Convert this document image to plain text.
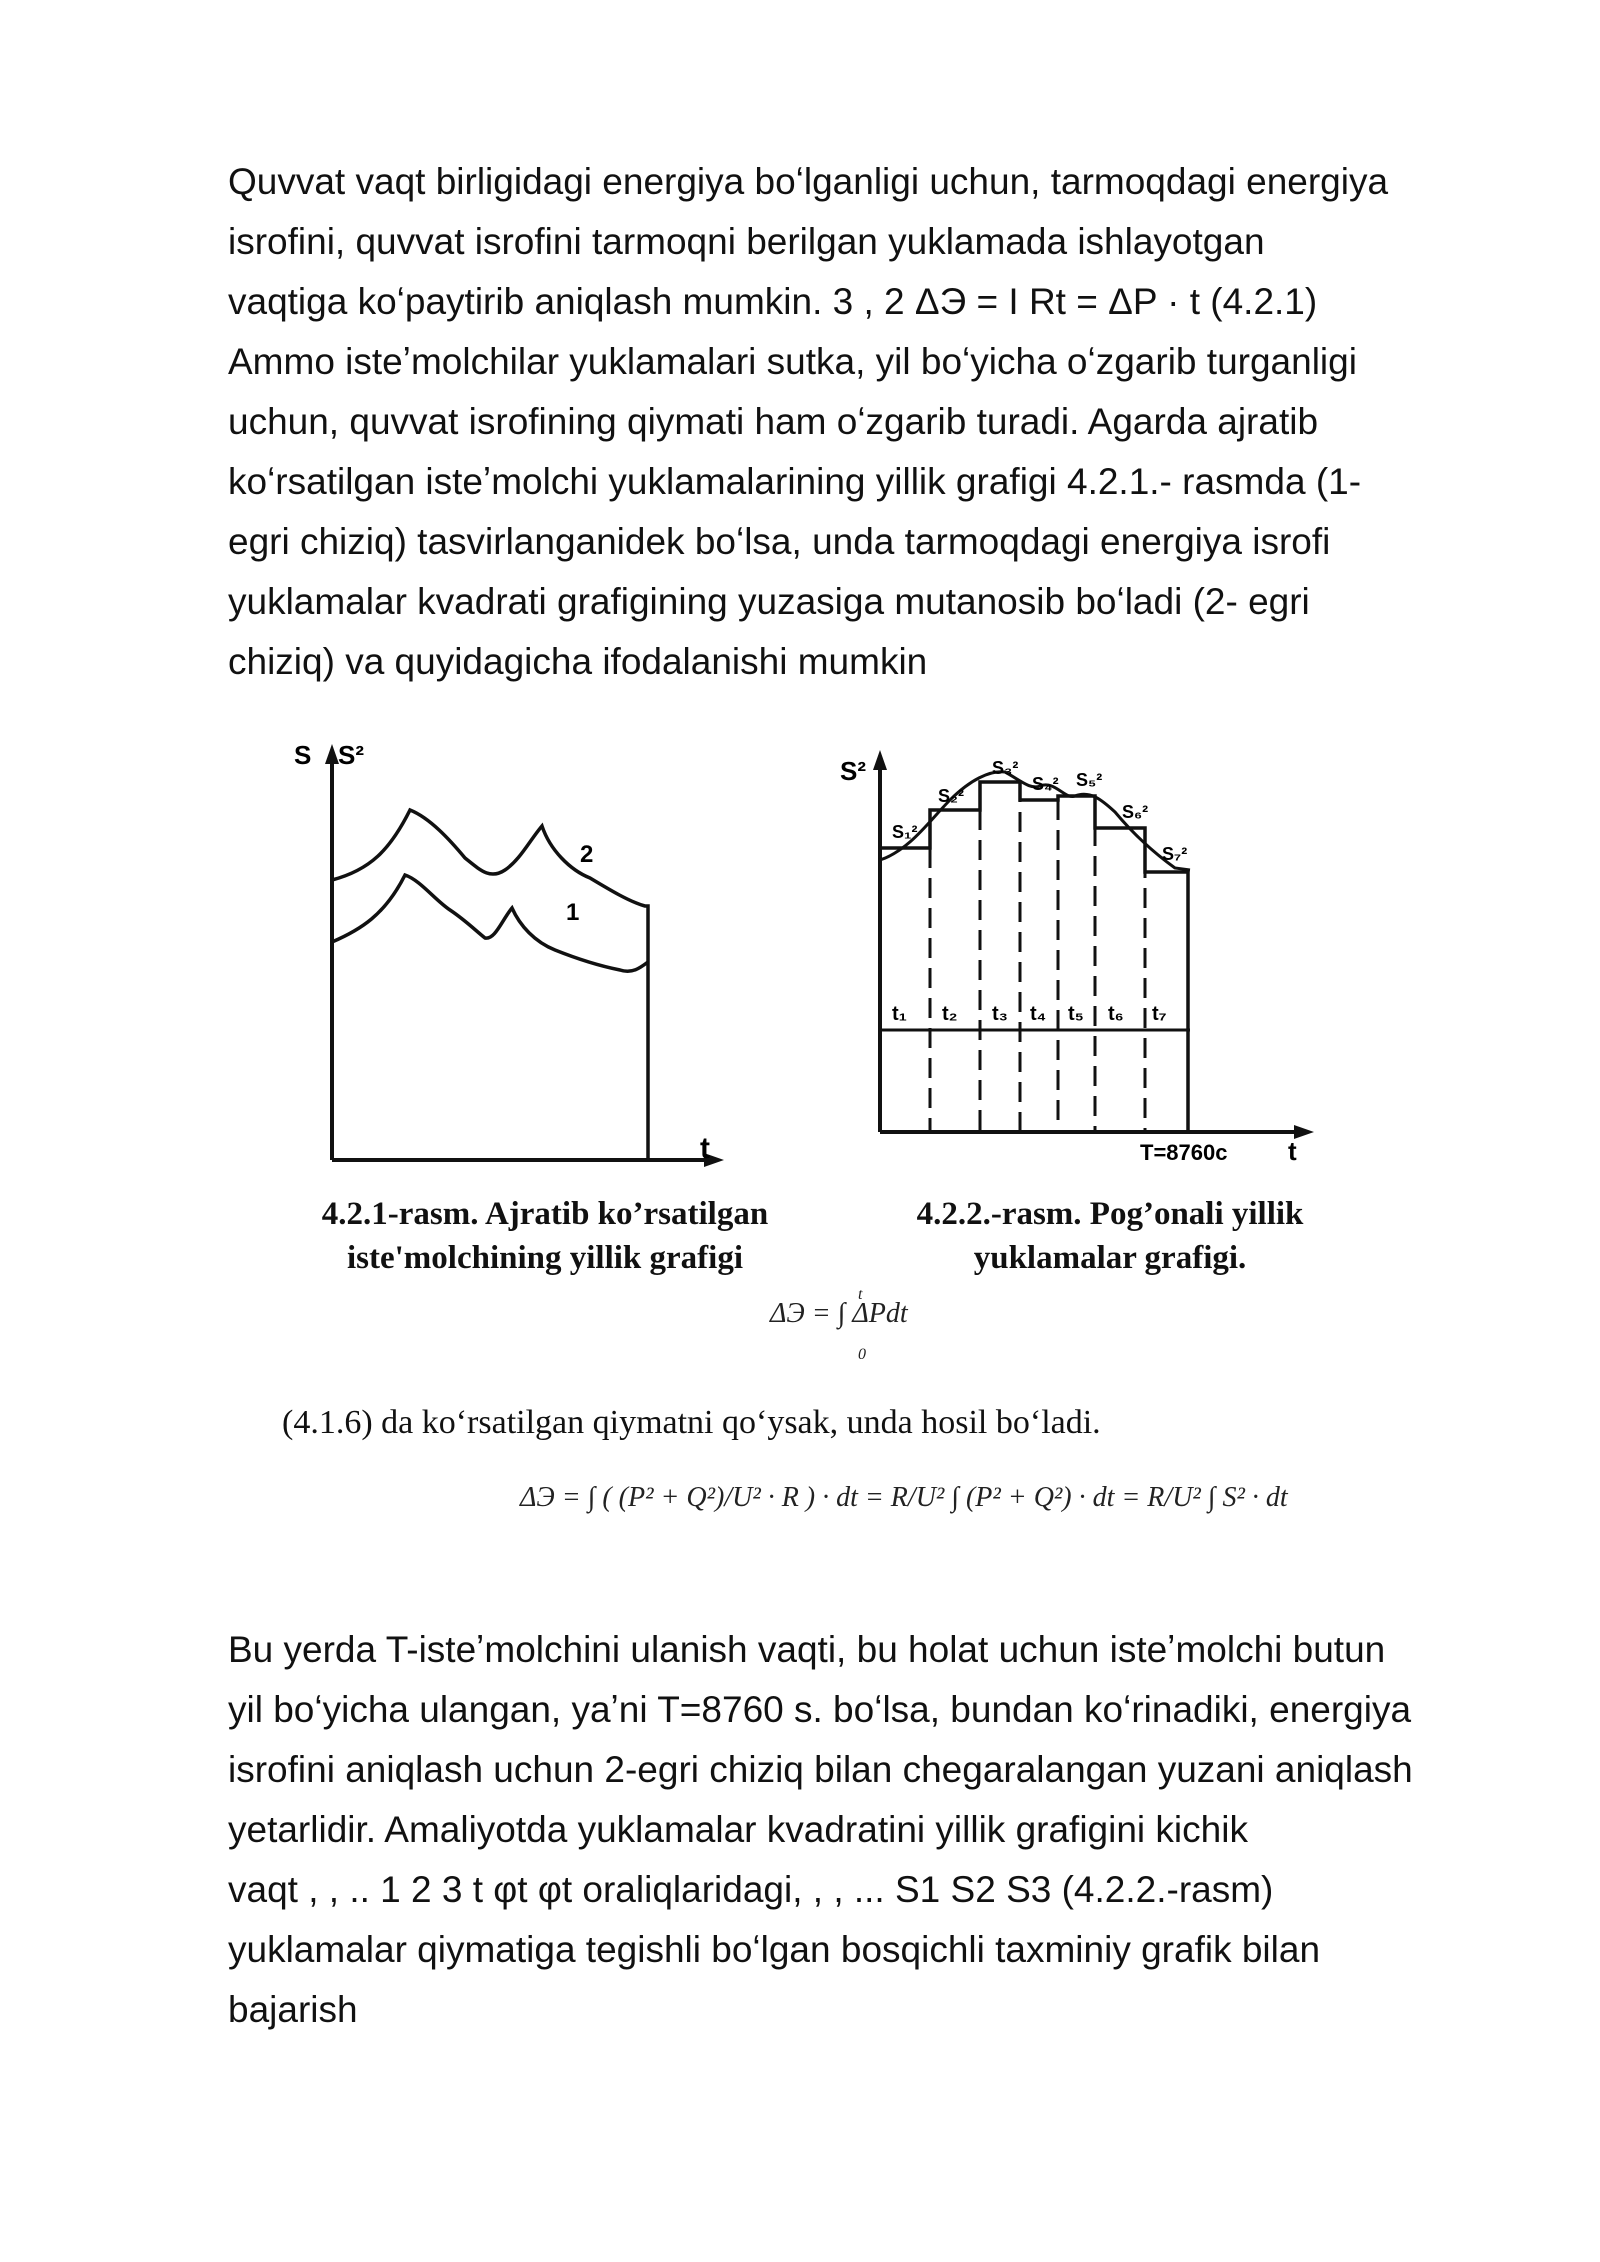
Quvvat vaqt birligidagi energiya boʻlganligi uchun, tarmoqdagi energiya
isrofini, quvvat isrofini tarmoqni berilgan yuklamada ishlayotgan
vaqtiga koʻpaytirib aniqlash mumkin. 3 , 2 ΔЭ = I Rt = ΔP · t (4.2.1)
Ammo isteʼmolchilar yuklamalari sutka, yil boʻyicha oʻzgarib turganligi
uchun, quvvat isrofining qiymati ham oʻzgarib turadi. Agarda ajratib
koʻrsatilgan isteʼmolchi yuklamalarining yillik grafigi 4.2.1.- rasmda (1-
egri chiziq) tasvirlanganidek boʻlsa, unda tarmoqdagi energiya isrofi
yuklamalar kvadrati grafigining yuzasiga mutanosib boʻladi (2- egri
chiziq) va quyidagicha ifodalanishi mumkin
S S²
2
1
t
S²
S₁²
S₂²
S₃²
S₄² S₅²
S₆²
S₇²
t₁ t₂ t₃ t₄ t₅ t₆ t₇
T=8760c t
4.2.1-rasm. Ajratib ko’rsatilgan
iste'molchining yillik grafigi
4.2.2.-rasm. Pog’onali yillik
yuklamalar grafigi.
t
ΔЭ = ∫ ΔPdt
0
(4.1.6) da koʻrsatilgan qiymatni qoʻysak, unda hosil boʻladi.
ΔЭ = ∫ ( (P² + Q²)/U² · R ) · dt = R/U² ∫ (P² + Q²) · dt = R/U² ∫ S² · dt
Bu yerda T-isteʼmolchini ulanish vaqti, bu holat uchun isteʼmolchi butun
yil boʻyicha ulangan, yaʼni T=8760 s. boʻlsa, bundan koʻrinadiki, energiya
isrofini aniqlash uchun 2-egri chiziq bilan chegaralangan yuzani aniqlash
yetarlidir. Amaliyotda yuklamalar kvadratini yillik grafigini kichik
vaqt , , .. 1 2 3 t φt φt oraliqlaridagi, , , ... S1 S2 S3 (4.2.2.-rasm)
yuklamalar qiymatiga tegishli boʻlgan bosqichli taxminiy grafik bilan
bajarish
